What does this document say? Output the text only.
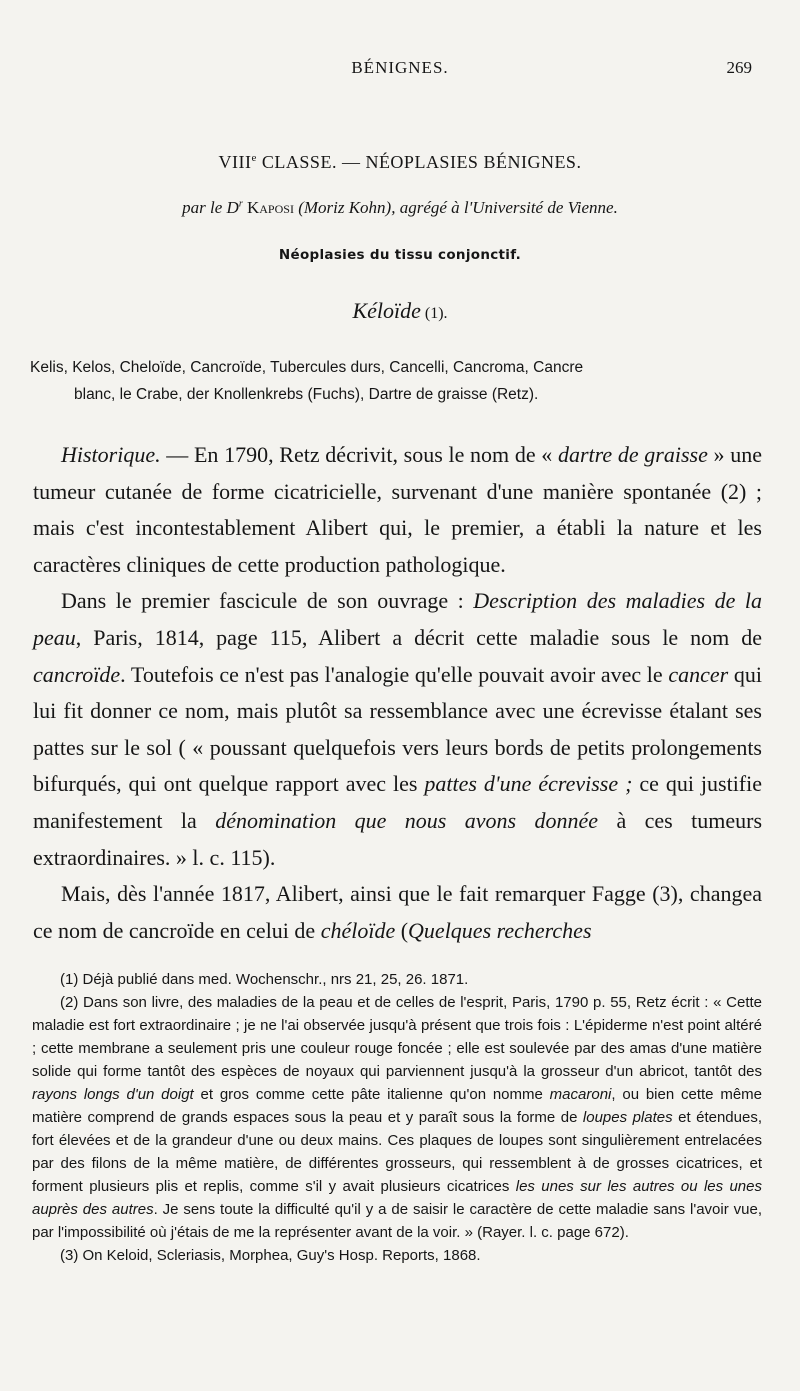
BÉNIGNES.	269
VIIIe CLASSE. — NÉOPLASIES BÉNIGNES.
par le $D^r$ Kaposi (Moriz Kohn), agrégé à l'Université de Vienne.
Néoplasies du tissu conjonctif.
Kéloïde (1).
Kelis, Kelos, Cheloïde, Cancroïde, Tubercules durs, Cancelli, Cancroma, Cancre
blanc, le Crabe, der Knollenkrebs (Fuchs), Dartre de graisse (Retz).

Historique. — En 1790, Retz décrivit, sous le nom de « dartre de graisse » une tumeur cutanée de forme cicatricielle, survenant d'une manière spontanée (2) ; mais c'est incontestablement Alibert qui, le premier, a établi la nature et les caractères cliniques de cette production pathologique.

Dans le premier fascicule de son ouvrage : Description des maladies de la peau, Paris, 1814, page 115, Alibert a décrit cette maladie sous le nom de cancroïde. Toutefois ce n'est pas l'analogie qu'elle pouvait avoir avec le cancer qui lui fit donner ce nom, mais plutôt sa ressemblance avec une écrevisse étalant ses pattes sur le sol ( « poussant quelquefois vers leurs bords de petits prolongements bifurqués, qui ont quelque rapport avec les pattes d'une écrevisse ; ce qui justifie manifestement la dénomination que nous avons donnée à ces tumeurs extraordinaires. » l. c. 115).

Mais, dès l'année 1817, Alibert, ainsi que le fait remarquer Fagge (3), changea ce nom de cancroïde en celui de chéloïde (Quelques recherches

(1) Déjà publié dans med. Wochenschr., nrs 21, 25, 26. 1871.

(2) Dans son livre, des maladies de la peau et de celles de l'esprit, Paris, 1790 p. 55, Retz écrit : « Cette maladie est fort extraordinaire ; je ne l'ai observée jusqu'à présent que trois fois : L'épiderme n'est point altéré ; cette membrane a seulement pris une couleur rouge foncée ; elle est soulevée par des amas d'une matière solide qui forme tantôt des espèces de noyaux qui parviennent jusqu'à la grosseur d'un abricot, tantôt des rayons longs d'un doigt et gros comme cette pâte italienne qu'on nomme macaroni, ou bien cette même matière comprend de grands espaces sous la peau et y paraît sous la forme de loupes plates et étendues, fort élevées et de la grandeur d'une ou deux mains. Ces plaques de loupes sont singulièrement entrelacées par des filons de la même matière, de différentes grosseurs, qui ressemblent à de grosses cicatrices, et forment plusieurs plis et replis, comme s'il y avait plusieurs cicatrices les unes sur les autres ou les unes auprès des autres. Je sens toute la difficulté qu'il y a de saisir le caractère de cette maladie sans l'avoir vue, par l'impossibilité où j'étais de me la représenter avant de la voir. » (Rayer. l. c. page 672).

(3) On Keloid, Scleriasis, Morphea, Guy's Hosp. Reports, 1868.
